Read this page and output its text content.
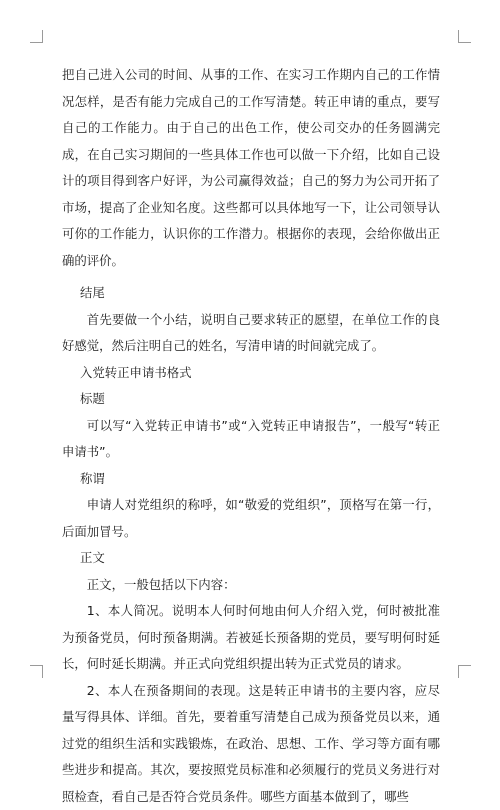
把自己进入公司的时间、从事的工作、在实习工作期内自己的工作情况怎样，是否有能力完成自己的工作写清楚。转正申请的重点，要写自己的工作能力。由于自己的出色工作，使公司交办的任务圆满完成，在自己实习期间的一些具体工作也可以做一下介绍，比如自己设计的项目得到客户好评，为公司赢得效益；自己的努力为公司开拓了市场，提高了企业知名度。这些都可以具体地写一下，让公司领导认可你的工作能力，认识你的工作潜力。根据你的表现，会给你做出正确的评价。

结尾

首先要做一个小结，说明自己要求转正的愿望，在单位工作的良好感觉，然后注明自己的姓名，写清申请的时间就完成了。

入党转正申请书格式

标题

可以写“入党转正申请书”或“入党转正申请报告”，一般写“转正申请书”。

称谓

申请人对党组织的称呼，如“敬爱的党组织”，顶格写在第一行，后面加冒号。

正文

正文，一般包括以下内容：

1、本人简况。说明本人何时何地由何人介绍入党，何时被批准为预备党员，何时预备期满。若被延长预备期的党员，要写明何时延长，何时延长期满。并正式向党组织提出转为正式党员的请求。

2、本人在预备期间的表现。这是转正申请书的主要内容，应尽量写得具体、详细。首先，要着重写清楚自己成为预备党员以来，通过党的组织生活和实践锻炼，在政治、思想、工作、学习等方面有哪些进步和提高。其次，要按照党员标准和必须履行的党员义务进行对照检查，看自己是否符合党员条件。哪些方面基本做到了，哪些
